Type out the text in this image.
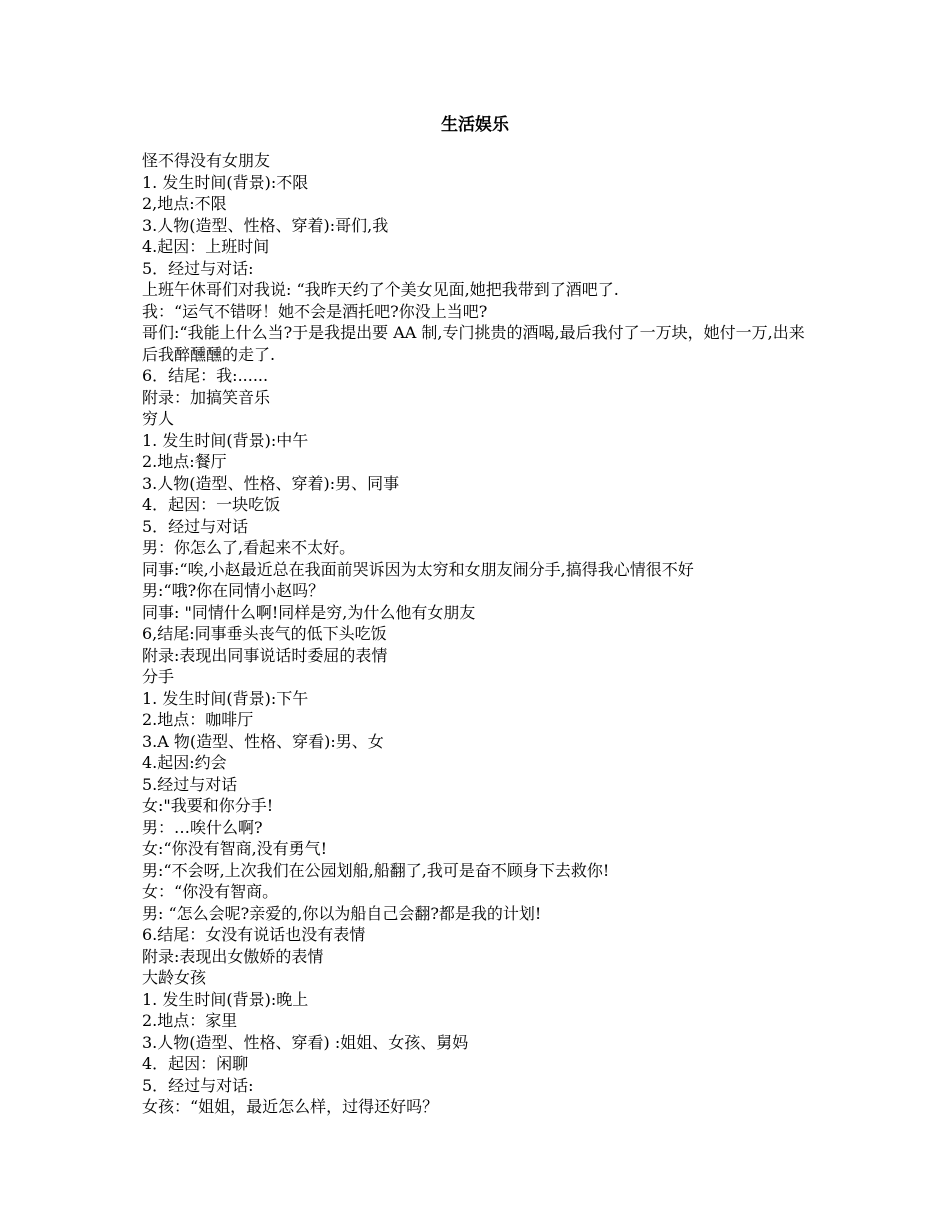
生活娱乐
怪不得没有女朋友
1. 发生时间(背景):不限
2,地点:不限
3.人物(造型、性格、穿着):哥们,我
4.起因：上班时间
5．经过与对话:
上班午休哥们对我说: “我昨天约了个美女见面,她把我带到了酒吧了.
我：“运气不错呀！她不会是酒托吧?你没上当吧?
哥们:“我能上什么当?于是我提出要 AA 制,专门挑贵的酒喝,最后我付了一万块，她付一万,出来后我醉醺醺的走了.
6．结尾：我:......
附录：加搞笑音乐
穷人
1. 发生时间(背景):中午
2.地点:餐厅
3.人物(造型、性格、穿着):男、同事
4．起因：一块吃饭
5．经过与对话
男：你怎么了,看起来不太好。
同事:“唉,小赵最近总在我面前哭诉因为太穷和女朋友闹分手,搞得我心情很不好
男:“哦?你在同情小赵吗？
同事: "同情什么啊!同样是穷,为什么他有女朋友
6,结尾:同事垂头丧气的低下头吃饭
附录:表现出同事说话时委屈的表情
分手
1. 发生时间(背景):下午
2.地点：咖啡厅
3.A 物(造型、性格、穿看):男、女
4.起因:约会
5.经过与对话
女:"我要和你分手!
男：…唉什么啊?
女:“你没有智商,没有勇气!
男:“不会呀,上次我们在公园划船,船翻了,我可是奋不顾身下去救你!
女：“你没有智商。
男: “怎么会呢?亲爱的,你以为船自己会翻?都是我的计划!
6.结尾：女没有说话也没有表情
附录:表现出女傲娇的表情
大龄女孩
1. 发生时间(背景):晚上
2.地点：家里
3.人物(造型、性格、穿看) :姐姐、女孩、舅妈
4．起因：闲聊
5．经过与对话:
女孩：“姐姐，最近怎么样，过得还好吗？
